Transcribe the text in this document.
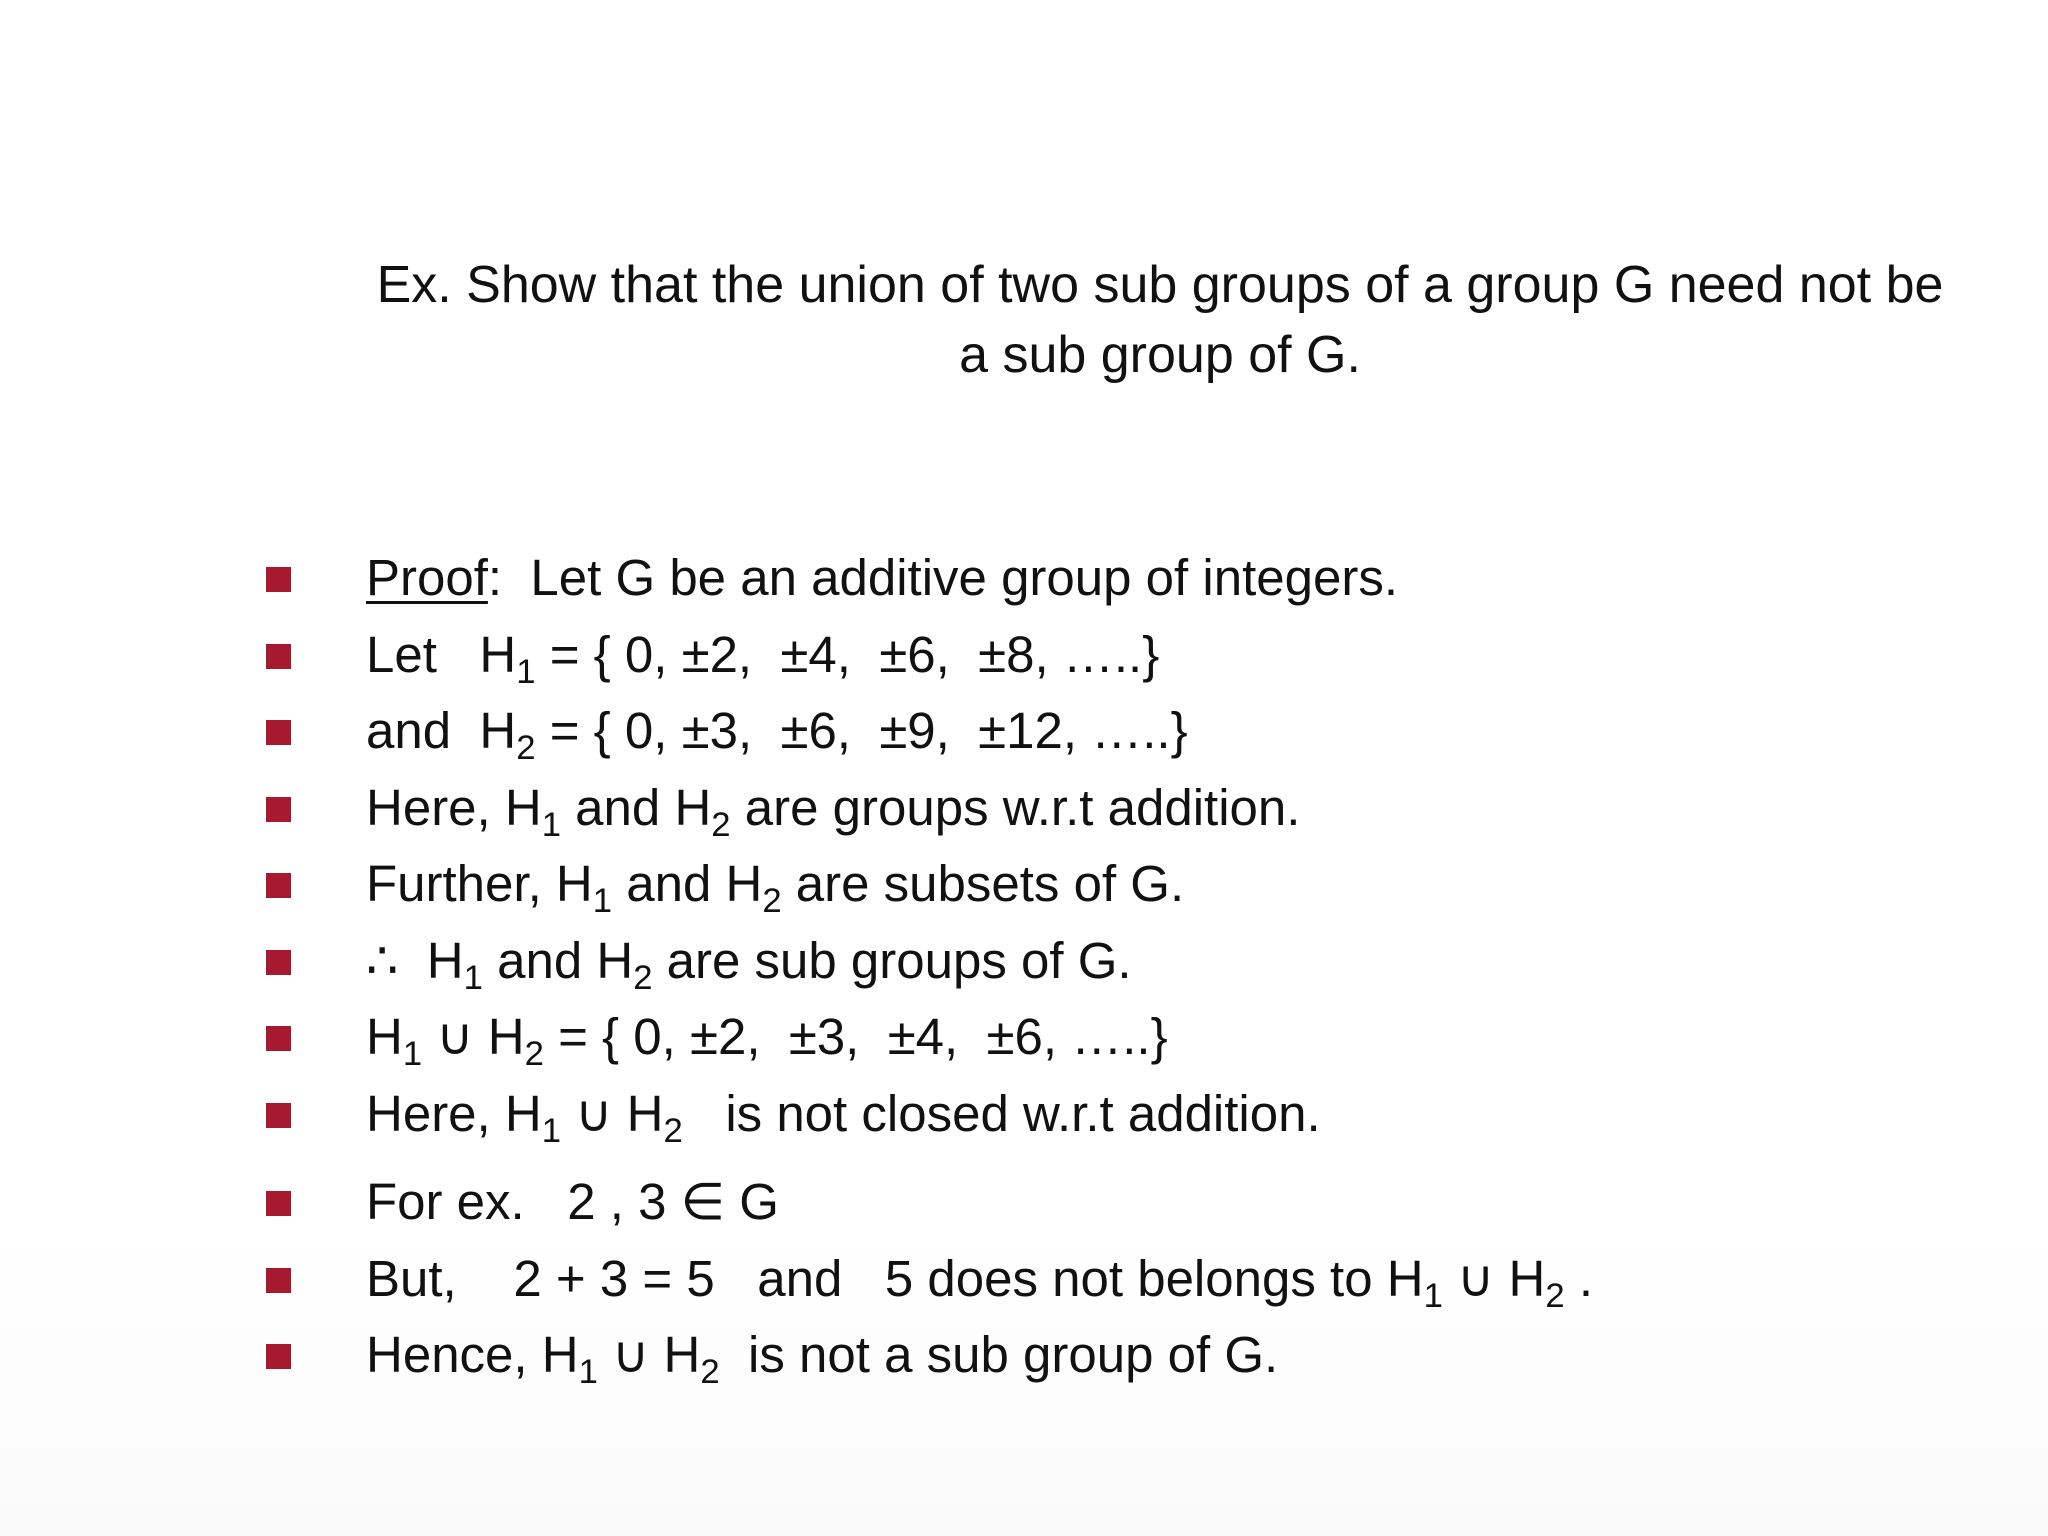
Ex. Show that the union of two sub groups of a group G need not be
a sub group of G.
Proof:  Let G be an additive group of integers.
Let   $H_1$ = { 0, ±2,  ±4,  ±6,  ±8, …..}
and  $H_2$ = { 0, ±3,  ±6,  ±9,  ±12, …..}
Here, $H_1$ and $H_2$ are groups w.r.t addition.
Further, $H_1$ and $H_2$ are subsets of G.
∴  $H_1$ and $H_2$ are sub groups of G.
$H_1$ ∪ $H_2$ = { 0, ±2,  ±3,  ±4,  ±6, …..}
Here, $H_1$ ∪ $H_2$   is not closed w.r.t addition.
For ex.   2 , 3 ∈ G
But,    2 + 3 = 5   and   5 does not belongs to $H_1$ ∪ $H_2$ .
Hence, $H_1$ ∪ $H_2$  is not a sub group of G.
